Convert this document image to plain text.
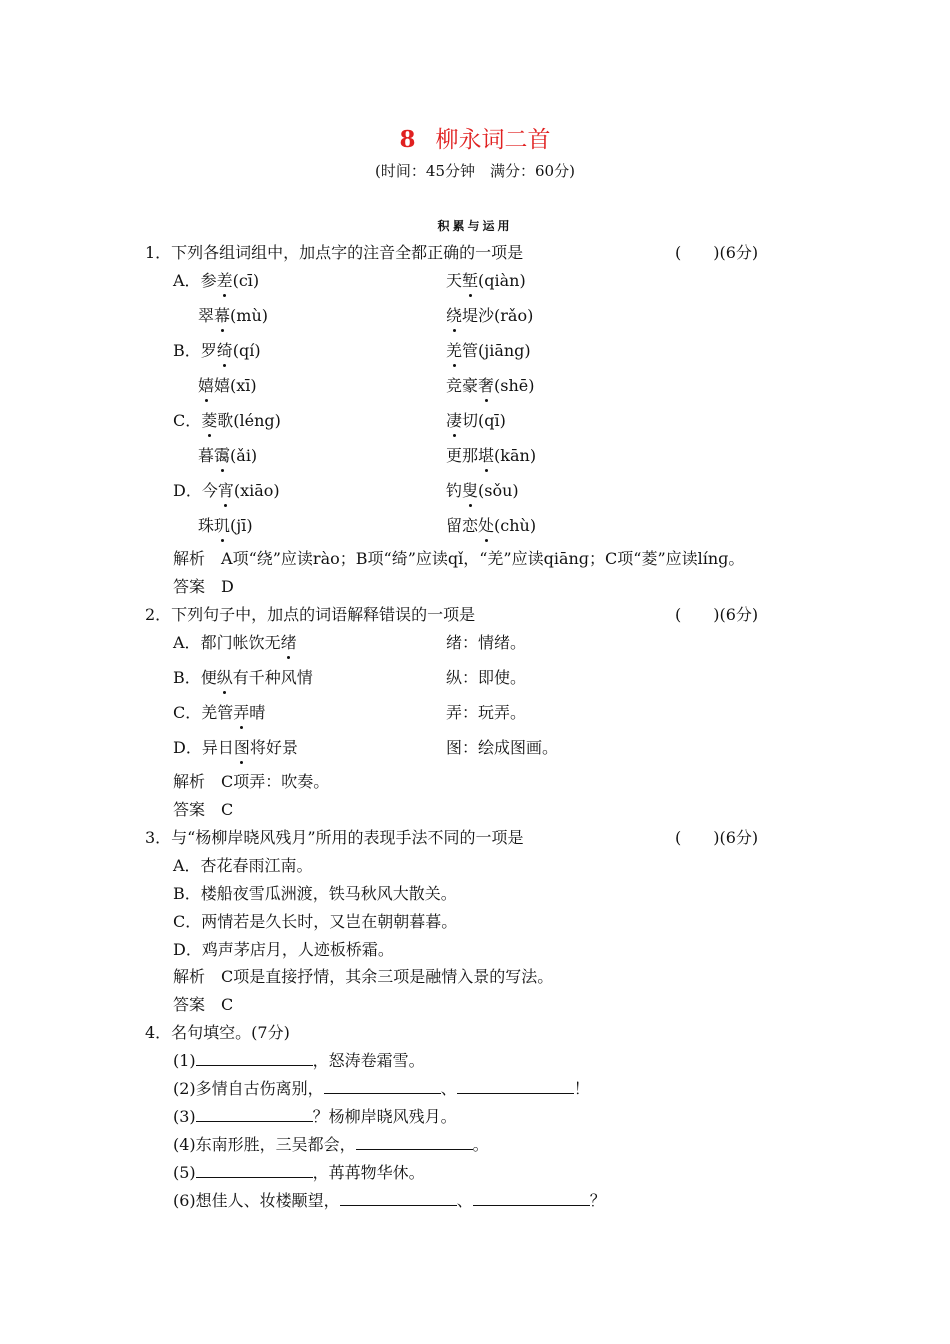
8 柳永词二首
(时间：45分钟　满分：60分)
积累与运用
1．下列各组词组中，加点字的注音全都正确的一项是	(　　)(6分)
A．参差(cī)	天堑(qiàn)
翠幕(mù)	绕堤沙(rǎo)
B．罗绮(qí)	羌管(jiāng)
嬉嬉(xī)	竞豪奢(shē)
C．菱歌(léng)	凄切(qī)
暮霭(ǎi)	更那堪(kān)
D．今宵(xiāo)	钓叟(sǒu)
珠玑(jī)	留恋处(chù)
解析 A项“绕”应读rào；B项“绮”应读qǐ，“羌”应读qiānɡ；C项“菱”应读línɡ。
答案 D
2．下列句子中，加点的词语解释错误的一项是	(　　)(6分)
A．都门帐饮无绪	绪：情绪。
B．便纵有千种风情	纵：即使。
C．羌管弄晴	弄：玩弄。
D．异日图将好景	图：绘成图画。
解析 C项弄：吹奏。
答案 C
3．与“杨柳岸晓风残月”所用的表现手法不同的一项是	(　　)(6分)
A．杏花春雨江南。
B．楼船夜雪瓜洲渡，铁马秋风大散关。
C．两情若是久长时，又岂在朝朝暮暮。
D．鸡声茅店月，人迹板桥霜。
解析 C项是直接抒情，其余三项是融情入景的写法。
答案 C
4．名句填空。(7分)
(1)	，怒涛卷霜雪。
(2)多情自古伤离别，	、	！
(3)	？杨柳岸晓风残月。
(4)东南形胜，三吴都会，	。
(5)	，苒苒物华休。
(6)想佳人、妆楼颙望，	、	？
